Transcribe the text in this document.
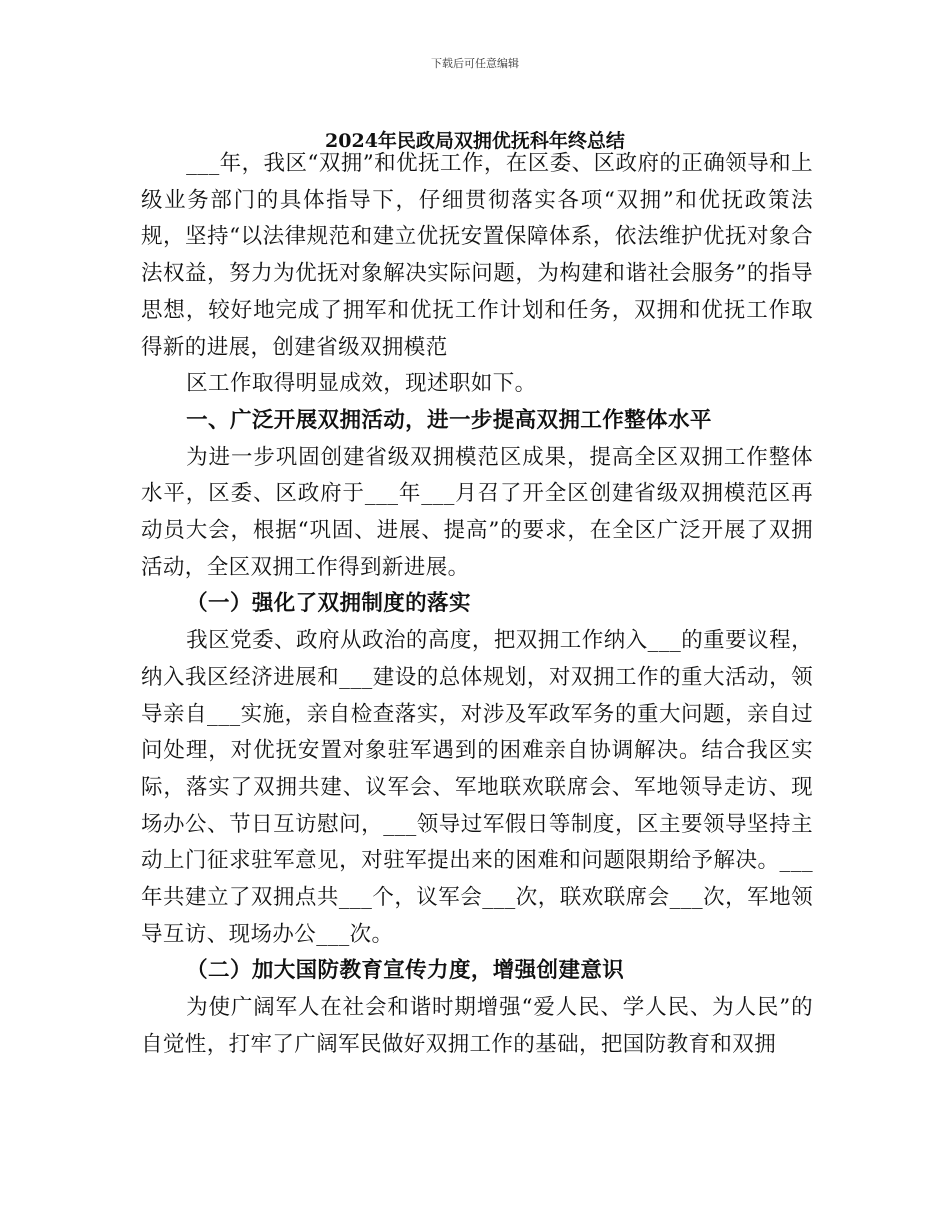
下载后可任意编辑
2024年民政局双拥优抚科年终总结

___年，我区“双拥”和优抚工作，在区委、区政府的正确领导和上级业务部门的具体指导下，仔细贯彻落实各项“双拥”和优抚政策法规，坚持“以法律规范和建立优抚安置保障体系，依法维护优抚对象合法权益，努力为优抚对象解决实际问题，为构建和谐社会服务”的指导思想，较好地完成了拥军和优抚工作计划和任务，双拥和优抚工作取得新的进展，创建省级双拥模范

区工作取得明显成效，现述职如下。

一、广泛开展双拥活动，进一步提高双拥工作整体水平

为进一步巩固创建省级双拥模范区成果，提高全区双拥工作整体水平，区委、区政府于___年___月召了开全区创建省级双拥模范区再动员大会，根据“巩固、进展、提高”的要求，在全区广泛开展了双拥活动，全区双拥工作得到新进展。

（一）强化了双拥制度的落实

我区党委、政府从政治的高度，把双拥工作纳入___的重要议程，纳入我区经济进展和___建设的总体规划，对双拥工作的重大活动，领导亲自___实施，亲自检查落实，对涉及军政军务的重大问题，亲自过问处理，对优抚安置对象驻军遇到的困难亲自协调解决。结合我区实际，落实了双拥共建、议军会、军地联欢联席会、军地领导走访、现场办公、节日互访慰问，___领导过军假日等制度，区主要领导坚持主动上门征求驻军意见，对驻军提出来的困难和问题限期给予解决。___年共建立了双拥点共___个，议军会___次，联欢联席会___次，军地领导互访、现场办公___次。

（二）加大国防教育宣传力度，增强创建意识

为使广阔军人在社会和谐时期增强“爱人民、学人民、为人民”的自觉性，打牢了广阔军民做好双拥工作的基础，把国防教育和双拥
